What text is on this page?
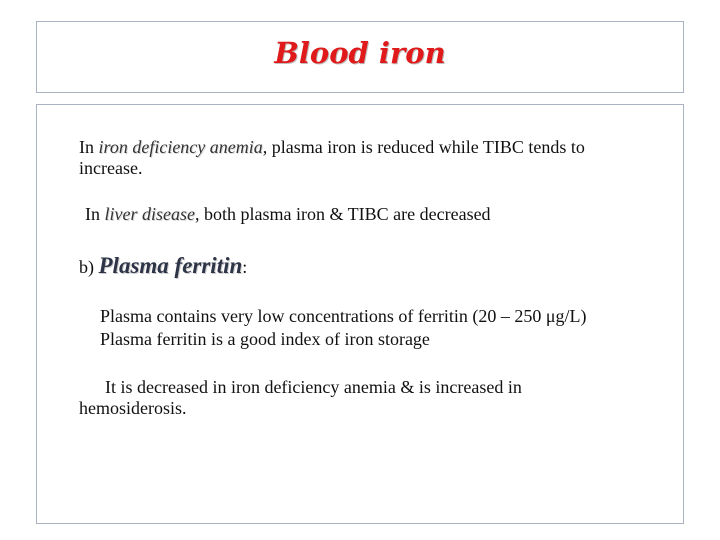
Blood iron
In iron deficiency anemia, plasma iron is reduced while TIBC tends to
increase.
In liver disease, both plasma iron & TIBC are decreased
b) Plasma ferritin:
Plasma contains very low concentrations of ferritin (20 – 250 μg/L)
Plasma ferritin is a good index of iron storage
It is decreased in iron deficiency anemia & is increased in
hemosiderosis.
